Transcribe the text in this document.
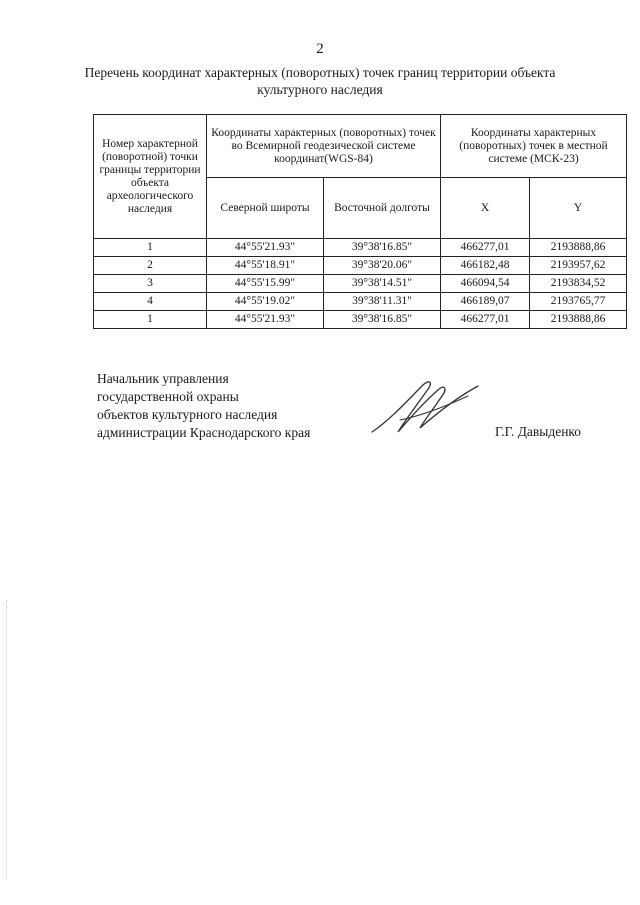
2
Перечень координат характерных (поворотных) точек границ территории объекта культурного наследия
Номер характерной (поворотной) точки границы территории объекта археологического наследия	Координаты характерных (поворотных) точек во Всемирной геодезической системе координат(WGS-84)		Координаты характерных (поворотных) точек в местной системе (МСК-23)	
	Северной широты	Восточной долготы	X	Y
1	44°55'21.93"	39°38'16.85"	466277,01	2193888,86
2	44°55'18.91"	39°38'20.06"	466182,48	2193957,62
3	44°55'15.99"	39°38'14.51"	466094,54	2193834,52
4	44°55'19.02"	39°38'11.31"	466189,07	2193765,77
1	44°55'21.93"	39°38'16.85"	466277,01	2193888,86
Начальник управления
государственной охраны
объектов культурного наследия
администрации Краснодарского края	Г.Г. Давыденко
